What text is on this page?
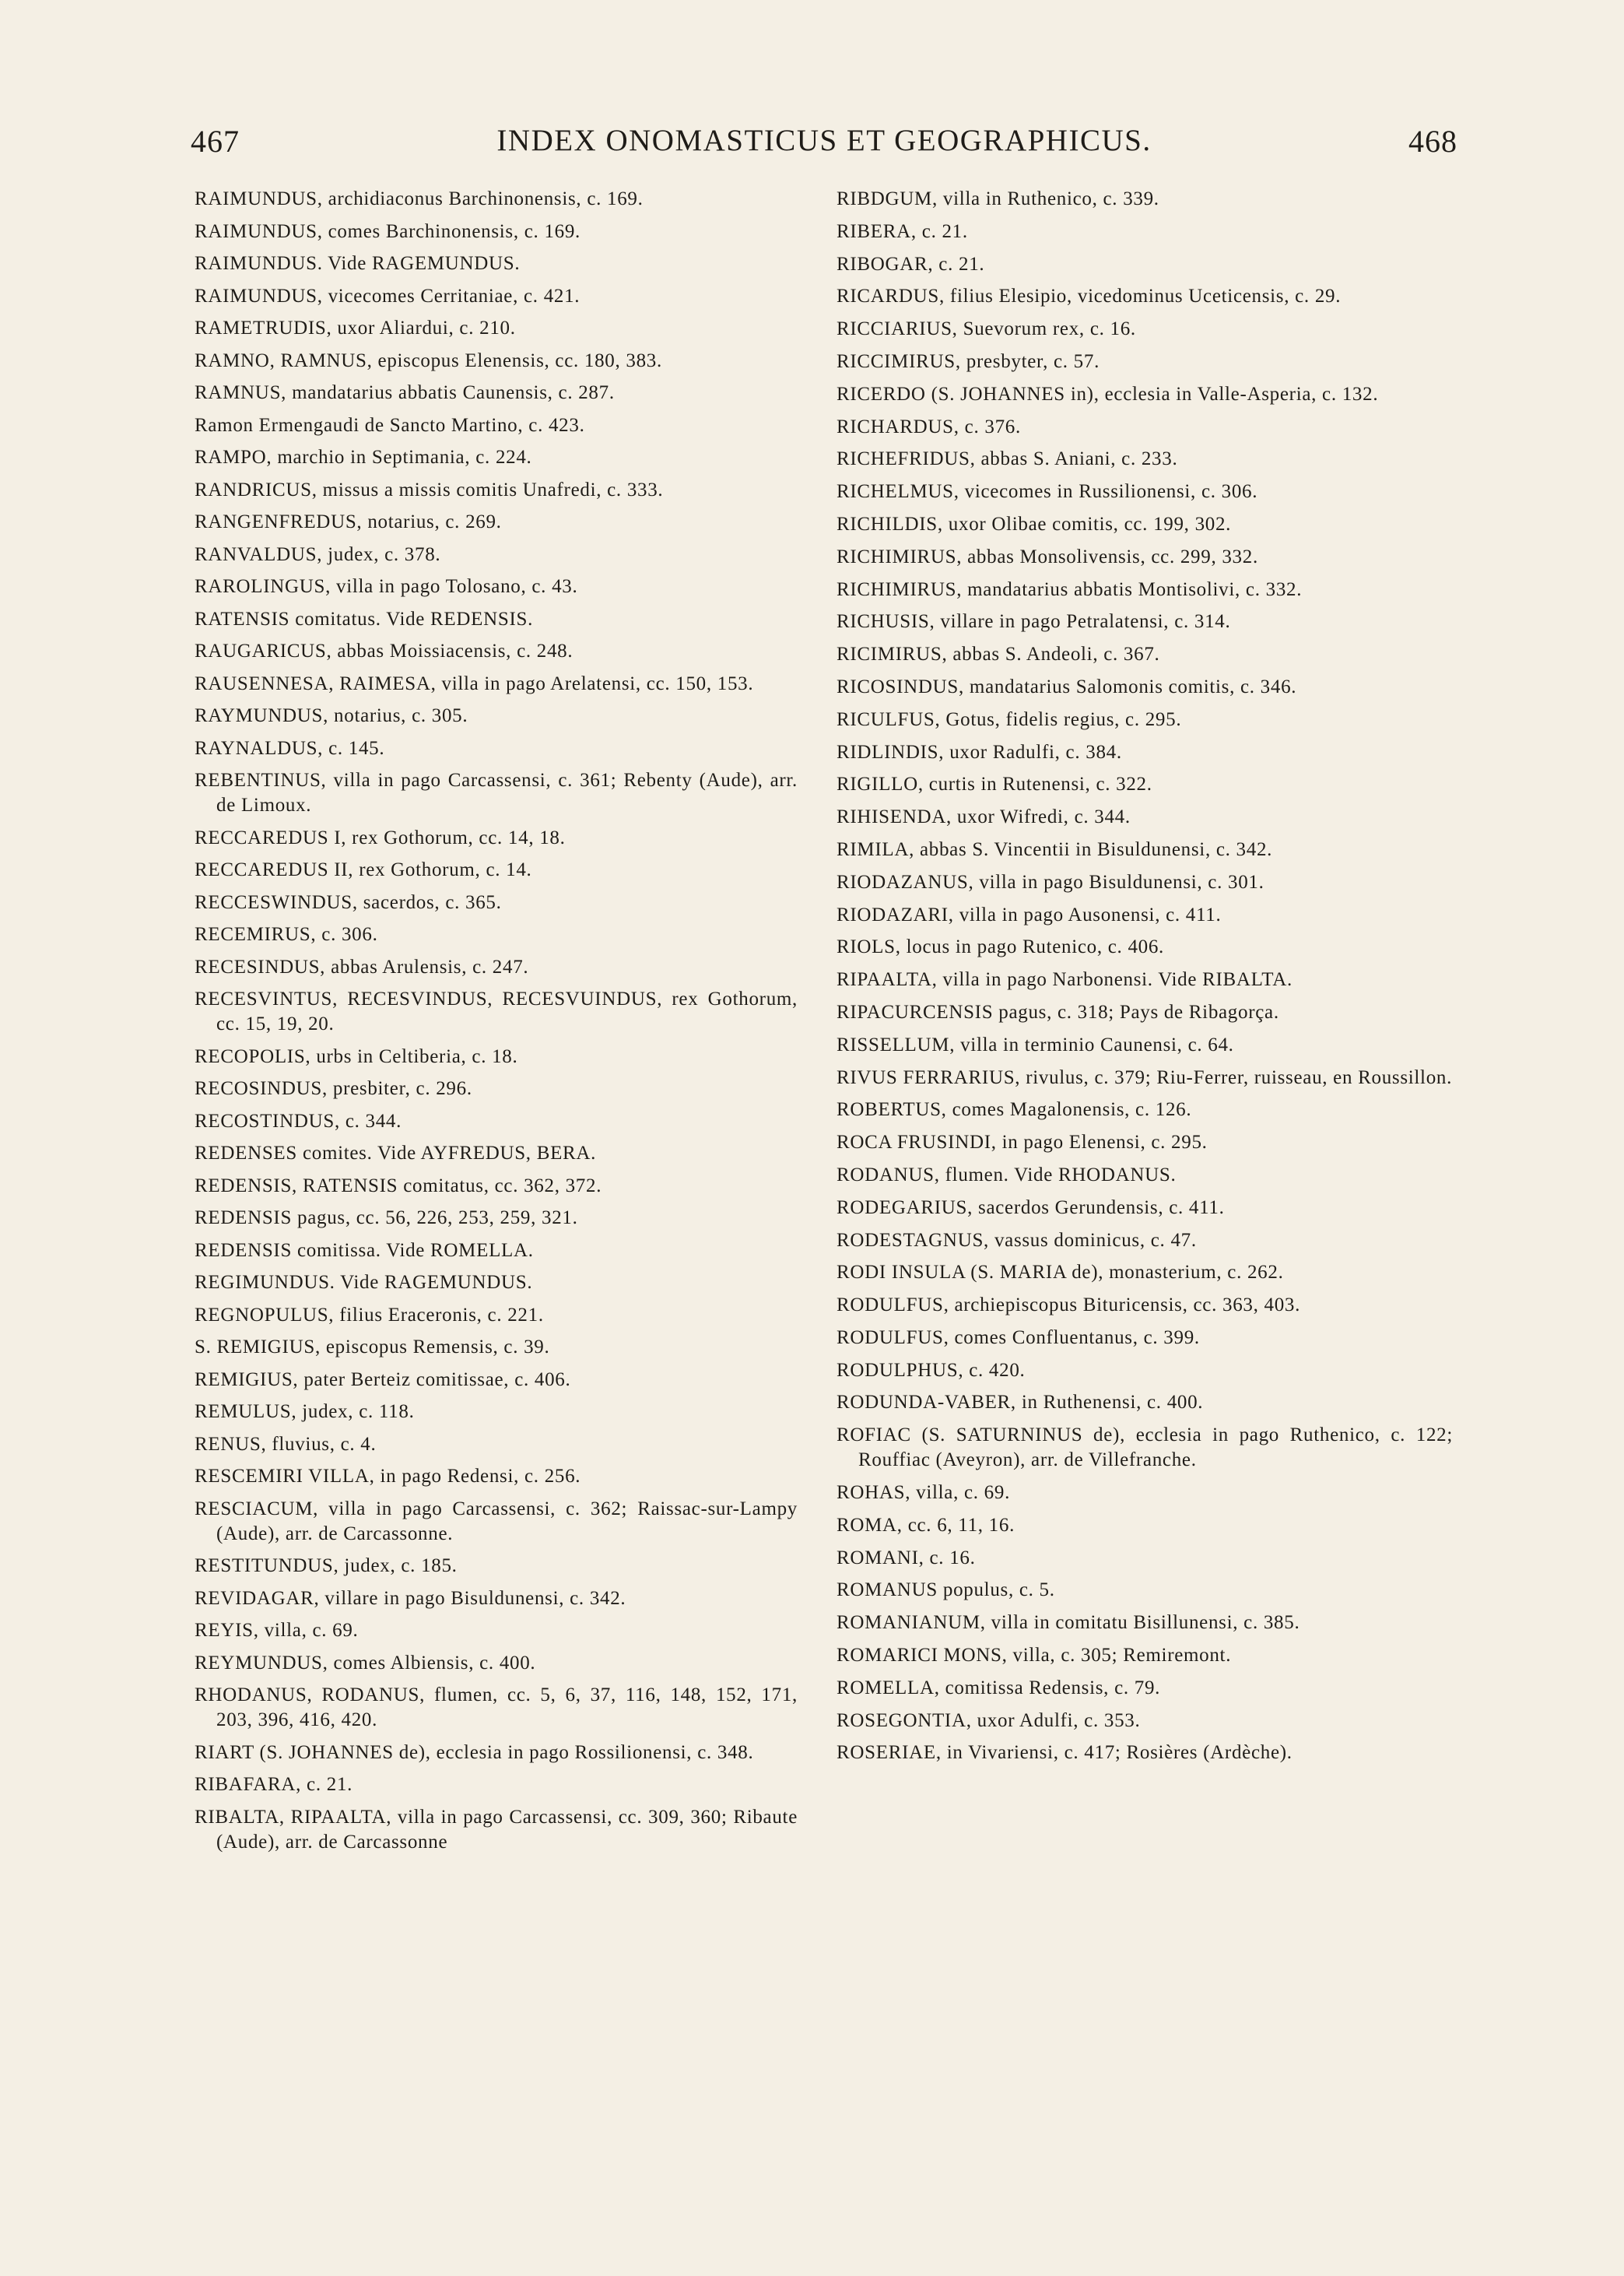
467	INDEX ONOMASTICUS ET GEOGRAPHICUS.	468

RAIMUNDUS, archidiaconus Barchinonensis, c. 169.

RAIMUNDUS, comes Barchinonensis, c. 169.

RAIMUNDUS. Vide RAGEMUNDUS.

RAIMUNDUS, vicecomes Cerritaniae, c. 421.

RAMETRUDIS, uxor Aliardui, c. 210.

RAMNO, RAMNUS, episcopus Elenensis, cc. 180, 383.

RAMNUS, mandatarius abbatis Caunensis, c. 287.

Ramon Ermengaudi de Sancto Martino, c. 423.

RAMPO, marchio in Septimania, c. 224.

RANDRICUS, missus a missis comitis Unafredi, c. 333.

RANGENFREDUS, notarius, c. 269.

RANVALDUS, judex, c. 378.

RAROLINGUS, villa in pago Tolosano, c. 43.

RATENSIS comitatus. Vide REDENSIS.

RAUGARICUS, abbas Moissiacensis, c. 248.

RAUSENNESA, RAIMESA, villa in pago Arelatensi, cc. 150, 153.

RAYMUNDUS, notarius, c. 305.

RAYNALDUS, c. 145.

REBENTINUS, villa in pago Carcassensi, c. 361; Rebenty (Aude), arr. de Limoux.

RECCAREDUS I, rex Gothorum, cc. 14, 18.

RECCAREDUS II, rex Gothorum, c. 14.

RECCESWINDUS, sacerdos, c. 365.

RECEMIRUS, c. 306.

RECESINDUS, abbas Arulensis, c. 247.

RECESVINTUS, RECESVINDUS, RECESVUINDUS, rex Gothorum, cc. 15, 19, 20.

RECOPOLIS, urbs in Celtiberia, c. 18.

RECOSINDUS, presbiter, c. 296.

RECOSTINDUS, c. 344.

REDENSES comites. Vide AYFREDUS, BERA.

REDENSIS, RATENSIS comitatus, cc. 362, 372.

REDENSIS pagus, cc. 56, 226, 253, 259, 321.

REDENSIS comitissa. Vide ROMELLA.

REGIMUNDUS. Vide RAGEMUNDUS.

REGNOPULUS, filius Eraceronis, c. 221.

S. REMIGIUS, episcopus Remensis, c. 39.

REMIGIUS, pater Berteiz comitissae, c. 406.

REMULUS, judex, c. 118.

RENUS, fluvius, c. 4.

RESCEMIRI VILLA, in pago Redensi, c. 256.

RESCIACUM, villa in pago Carcassensi, c. 362; Raissac-sur-Lampy (Aude), arr. de Carcassonne.

RESTITUNDUS, judex, c. 185.

REVIDAGAR, villare in pago Bisuldunensi, c. 342.

REYIS, villa, c. 69.

REYMUNDUS, comes Albiensis, c. 400.

RHODANUS, RODANUS, flumen, cc. 5, 6, 37, 116, 148, 152, 171, 203, 396, 416, 420.

RIART (S. JOHANNES de), ecclesia in pago Rossilionensi, c. 348.

RIBAFARA, c. 21.

RIBALTA, RIPAALTA, villa in pago Carcassensi, cc. 309, 360; Ribaute (Aude), arr. de Carcassonne

RIBDGUM, villa in Ruthenico, c. 339.

RIBERA, c. 21.

RIBOGAR, c. 21.

RICARDUS, filius Elesipio, vicedominus Uceticensis, c. 29.

RICCIARIUS, Suevorum rex, c. 16.

RICCIMIRUS, presbyter, c. 57.

RICERDO (S. JOHANNES in), ecclesia in Valle-Asperia, c. 132.

RICHARDUS, c. 376.

RICHEFRIDUS, abbas S. Aniani, c. 233.

RICHELMUS, vicecomes in Russilionensi, c. 306.

RICHILDIS, uxor Olibae comitis, cc. 199, 302.

RICHIMIRUS, abbas Monsolivensis, cc. 299, 332.

RICHIMIRUS, mandatarius abbatis Montisolivi, c. 332.

RICHUSIS, villare in pago Petralatensi, c. 314.

RICIMIRUS, abbas S. Andeoli, c. 367.

RICOSINDUS, mandatarius Salomonis comitis, c. 346.

RICULFUS, Gotus, fidelis regius, c. 295.

RIDLINDIS, uxor Radulfi, c. 384.

RIGILLO, curtis in Rutenensi, c. 322.

RIHISENDA, uxor Wifredi, c. 344.

RIMILA, abbas S. Vincentii in Bisuldunensi, c. 342.

RIODAZANUS, villa in pago Bisuldunensi, c. 301.

RIODAZARI, villa in pago Ausonensi, c. 411.

RIOLS, locus in pago Rutenico, c. 406.

RIPAALTA, villa in pago Narbonensi. Vide RIBALTA.

RIPACURCENSIS pagus, c. 318; Pays de Ribagorça.

RISSELLUM, villa in terminio Caunensi, c. 64.

RIVUS FERRARIUS, rivulus, c. 379; Riu-Ferrer, ruisseau, en Roussillon.

ROBERTUS, comes Magalonensis, c. 126.

ROCA FRUSINDI, in pago Elenensi, c. 295.

RODANUS, flumen. Vide RHODANUS.

RODEGARIUS, sacerdos Gerundensis, c. 411.

RODESTAGNUS, vassus dominicus, c. 47.

RODI INSULA (S. MARIA de), monasterium, c. 262.

RODULFUS, archiepiscopus Bituricensis, cc. 363, 403.

RODULFUS, comes Confluentanus, c. 399.

RODULPHUS, c. 420.

RODUNDA-VABER, in Ruthenensi, c. 400.

ROFIAC (S. SATURNINUS de), ecclesia in pago Ruthenico, c. 122; Rouffiac (Aveyron), arr. de Villefranche.

ROHAS, villa, c. 69.

ROMA, cc. 6, 11, 16.

ROMANI, c. 16.

ROMANUS populus, c. 5.

ROMANIANUM, villa in comitatu Bisillunensi, c. 385.

ROMARICI MONS, villa, c. 305; Remiremont.

ROMELLA, comitissa Redensis, c. 79.

ROSEGONTIA, uxor Adulfi, c. 353.

ROSERIAE, in Vivariensi, c. 417; Rosières (Ardèche).
